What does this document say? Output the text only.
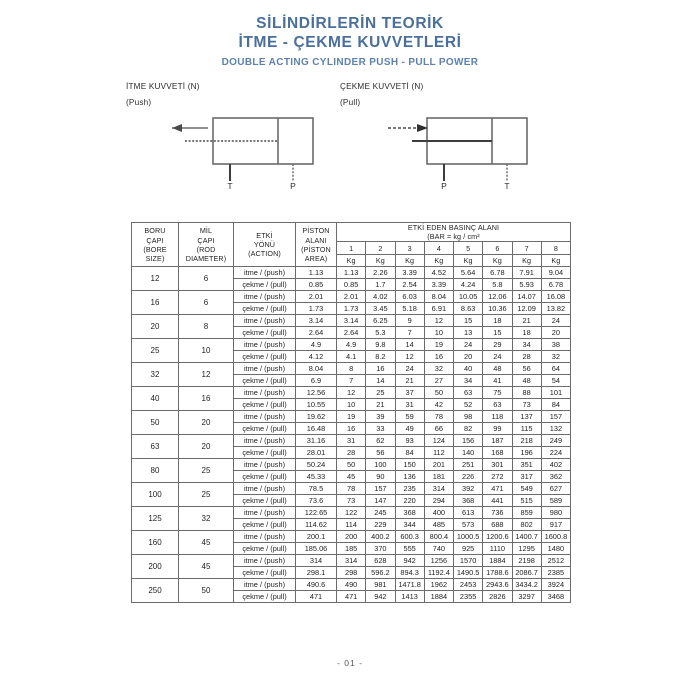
SİLİNDİRLERİN TEORİK
İTME - ÇEKME KUVVETLERİ
DOUBLE ACTING CYLINDER PUSH - PULL POWER
İTME KUVVETİ (N)
(Push)
T	P
ÇEKME KUVVETİ (N)
(Pull)
P	T
BORU
ÇAPI
(BORE
SIZE)	MİL
ÇAPI
(ROD
DIAMETER)	ETKİ
YÖNÜ
(ACTION)	PİSTON
ALANI
(PİSTON
AREA)	ETKİ EDEN BASINÇ ALANI
(BAR = kg / cm²							

				1	2	3	4	5	6	7	8
				Kg	Kg	Kg	Kg	Kg	Kg	Kg	Kg
12	6	itme / (push)	1.13	1.13	2.26	3.39	4.52	5.64	6.78	7.91	9.04
		çekme / (pull)	0.85	0.85	1.7	2.54	3.39	4.24	5.8	5.93	6.78
16	6	itme / (push)	2.01	2.01	4.02	6.03	8.04	10.05	12.06	14.07	16.08
		çekme / (pull)	1.73	1.73	3.45	5.18	6.91	8.63	10.36	12.09	13.82
20	8	itme / (push)	3.14	3.14	6.25	9	12	15	18	21	24
		çekme / (pull)	2.64	2.64	5.3	7	10	13	15	18	20
25	10	itme / (push)	4.9	4.9	9.8	14	19	24	29	34	38
		çekme / (pull)	4.12	4.1	8.2	12	16	20	24	28	32
32	12	itme / (push)	8.04	8	16	24	32	40	48	56	64
		çekme / (pull)	6.9	7	14	21	27	34	41	48	54
40	16	itme / (push)	12.56	12	25	37	50	63	75	88	101
		çekme / (pull)	10.55	10	21	31	42	52	63	73	84
50	20	itme / (push)	19.62	19	39	59	78	98	118	137	157
		çekme / (pull)	16.48	16	33	49	66	82	99	115	132
63	20	itme / (push)	31.16	31	62	93	124	156	187	218	249
		çekme / (pull)	28.01	28	56	84	112	140	168	196	224
80	25	itme / (push)	50.24	50	100	150	201	251	301	351	402
		çekme / (pull)	45.33	45	90	136	181	226	272	317	362
100	25	itme / (push)	78.5	78	157	235	314	392	471	549	627
		çekme / (pull)	73.6	73	147	220	294	368	441	515	589
125	32	itme / (push)	122.65	122	245	368	400	613	736	859	980
		çekme / (pull)	114.62	114	229	344	485	573	688	802	917
160	45	itme / (push)	200.1	200	400.2	600.3	800.4	1000.5	1200.6	1400.7	1600.8
		çekme / (pull)	185.06	185	370	555	740	925	1110	1295	1480
200	45	itme / (push)	314	314	628	942	1256	1570	1884	2198	2512
		çekme / (pull)	298.1	298	596.2	894.3	1192.4	1490.5	1788.6	2086.7	2385
250	50	itme / (push)	490.6	490	981	1471.8	1962	2453	2943.6	3434.2	3924
		çekme / (pull)	471	471	942	1413	1884	2355	2826	3297	3468
- 01 -
